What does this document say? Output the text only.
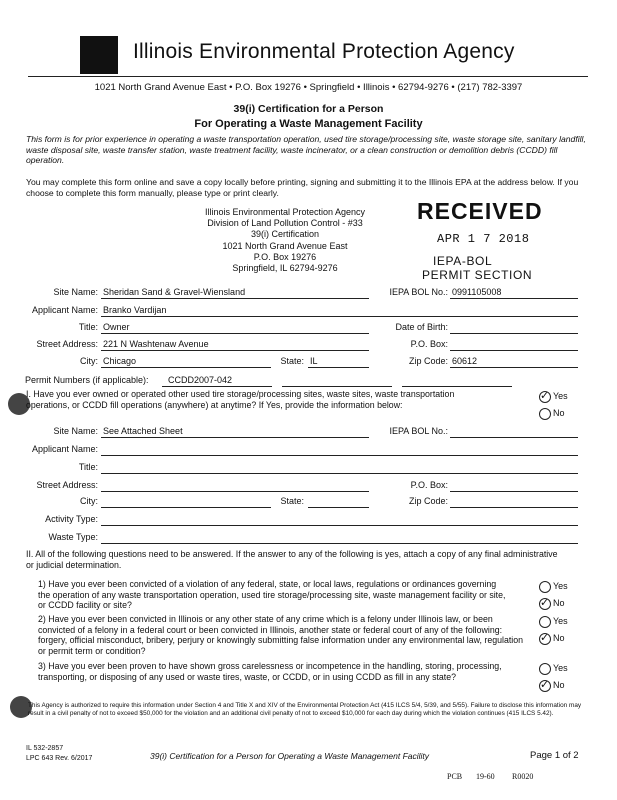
Illinois Environmental Protection Agency
1021 North Grand Avenue East • P.O. Box 19276 • Springfield • Illinois • 62794-9276 • (217) 782-3397
39(i) Certification for a Person
For Operating a Waste Management Facility
This form is for prior experience in operating a waste transportation operation, used tire storage/processing site, waste storage site, sanitary landfill, waste disposal site, waste transfer station, waste treatment facility, waste incinerator, or a clean construction or demolition debris (CCDD) fill operation.
You may complete this form online and save a copy locally before printing, signing and submitting it to the Illinois EPA at the address below. If you choose to complete this form manually, please type or print clearly.
Illinois Environmental Protection Agency
Division of Land Pollution Control - #33
39(i) Certification
1021 North Grand Avenue East
P.O. Box 19276
Springfield, IL 62794-9276
RECEIVED
APR 1 7 2018
IEPA-BOL
PERMIT SECTION
Site Name: Sheridan Sand & Gravel-Wiensland	IEPA BOL No.: 0991105008
Applicant Name: Branko Vardijan
Title: Owner	Date of Birth:
Street Address: 221 N Washtenaw Avenue	P.O. Box:
City: Chicago	State: IL	Zip Code: 60612
Permit Numbers (if applicable):	CCDD2007-042
I. Have you ever owned or operated other used tire storage/processing sites, waste sites, waste transportation operations, or CCDD fill operations (anywhere) at anytime? If Yes, provide the information below:
✓ Yes
No
Site Name: See Attached Sheet	IEPA BOL No.:
Applicant Name:
Title:
Street Address:	P.O. Box:
City:	State:	Zip Code:
Activity Type:
Waste Type:
II. All of the following questions need to be answered. If the answer to any of the following is yes, attach a copy of any final administrative or judicial determination.
1) Have you ever been convicted of a violation of any federal, state, or local laws, regulations or ordinances governing the operation of any waste transportation operation, used tire storage/processing site, waste management facility or site, or CCDD facility or site?
Yes
✓ No
2) Have you ever been convicted in Illinois or any other state of any crime which is a felony under Illinois law, or been convicted of a felony in a federal court or been convicted in Illinois, another state or federal court of any of the following: forgery, official misconduct, bribery, perjury or knowingly submitting false information under any environmental law, regulation or permit term or condition?
Yes
✓ No
3) Have you ever been proven to have shown gross carelessness or incompetence in the handling, storing, processing, transporting, or disposing of any used or waste tires, waste, or CCDD, or in using CCDD as fill in any state?
Yes
✓ No
This Agency is authorized to require this information under Section 4 and Title X and XIV of the Environmental Protection Act (415 ILCS 5/4, 5/39, and 5/55). Failure to disclose this information may result in a civil penalty of not to exceed $50,000 for the violation and an additional civil penalty of not to exceed $10,000 for each day during which the violation continues (415 ILCS 5.42).
IL 532-2857
LPC 643 Rev. 6/2017	39(i) Certification for a Person for Operating a Waste Management Facility	Page 1 of 2
PCB 19-60 R0020
